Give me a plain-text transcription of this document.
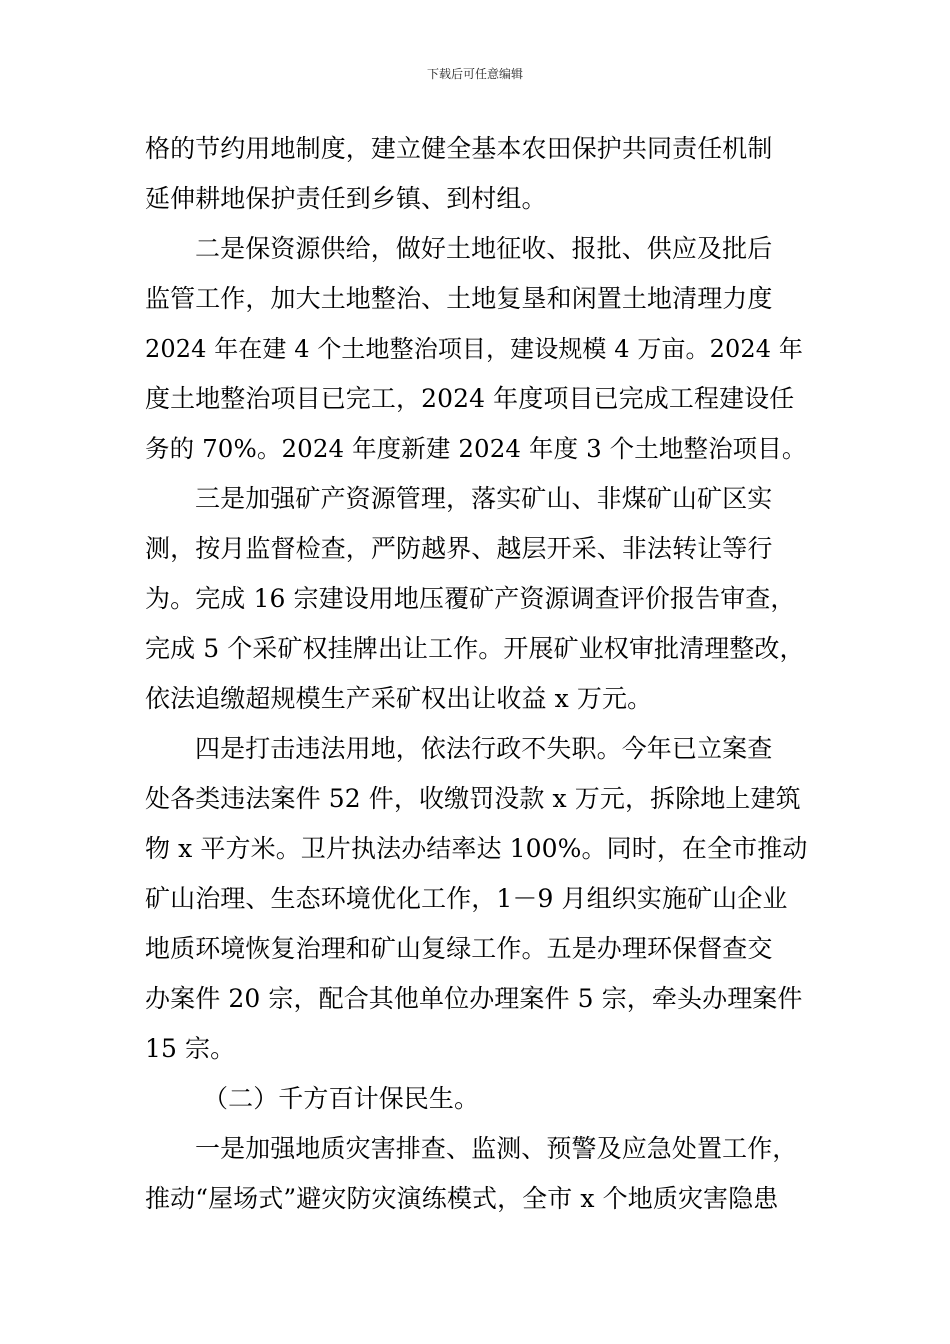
下载后可任意编辑
格的节约用地制度，建立健全基本农田保护共同责任机制
延伸耕地保护责任到乡镇、到村组。
二是保资源供给，做好土地征收、报批、供应及批后
监管工作，加大土地整治、土地复垦和闲置土地清理力度
2024 年在建 4 个土地整治项目，建设规模 4 万亩。2024 年
度土地整治项目已完工，2024 年度项目已完成工程建设任
务的 70%。2024 年度新建 2024 年度 3 个土地整治项目。
三是加强矿产资源管理，落实矿山、非煤矿山矿区实
测，按月监督检查，严防越界、越层开采、非法转让等行
为。完成 16 宗建设用地压覆矿产资源调查评价报告审查，
完成 5 个采矿权挂牌出让工作。开展矿业权审批清理整改，
依法追缴超规模生产采矿权出让收益 x 万元。
四是打击违法用地，依法行政不失职。今年已立案查
处各类违法案件 52 件，收缴罚没款 x 万元，拆除地上建筑
物 x 平方米。卫片执法办结率达 100%。同时，在全市推动
矿山治理、生态环境优化工作，1－9 月组织实施矿山企业
地质环境恢复治理和矿山复绿工作。五是办理环保督查交
办案件 20 宗，配合其他单位办理案件 5 宗，牵头办理案件
15 宗。
（二）千方百计保民生。
一是加强地质灾害排查、监测、预警及应急处置工作，
推动“屋场式”避灾防灾演练模式，全市 x 个地质灾害隐患
